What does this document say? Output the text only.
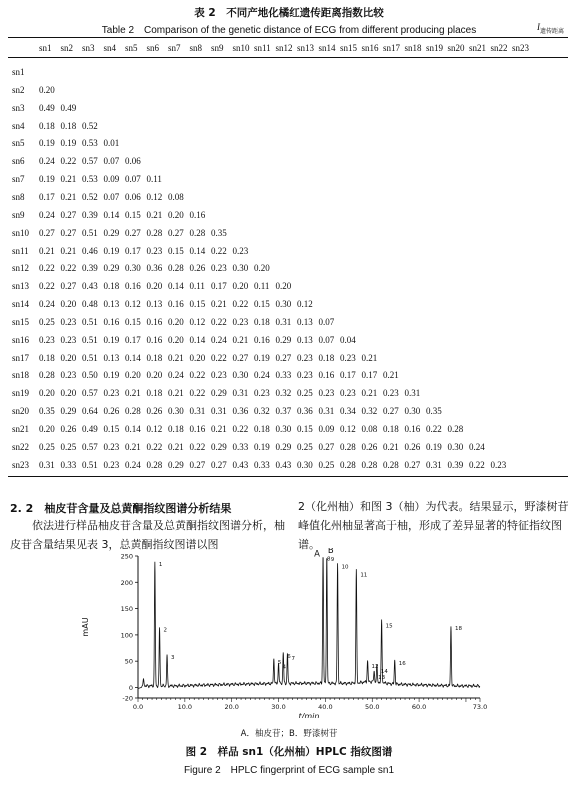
表 2　不同产地化橘红遗传距离指数比较
Table 2　Comparison of the genetic distance of ECG from different producing places	$I_{遗传距离}$
sn1 sn2 sn3 sn4 sn5 sn6 sn7 sn8 sn9 sn10 sn11 sn12 sn13 sn14 sn15 sn16 sn17 sn18 sn19 sn20 sn21 sn22 sn23
sn1
sn2 0.20
sn3 0.49 0.49
sn4 0.18 0.18 0.52
sn5 0.19 0.19 0.53 0.01
sn6 0.24 0.22 0.57 0.07 0.06
sn7 0.19 0.21 0.53 0.09 0.07 0.11
sn8 0.17 0.21 0.52 0.07 0.06 0.12 0.08
sn9 0.24 0.27 0.39 0.14 0.15 0.21 0.20 0.16
sn10 0.27 0.27 0.51 0.29 0.27 0.28 0.27 0.28 0.35
sn11 0.21 0.21 0.46 0.19 0.17 0.23 0.15 0.14 0.22 0.23
sn12 0.22 0.22 0.39 0.29 0.30 0.36 0.28 0.26 0.23 0.30 0.20
sn13 0.22 0.27 0.43 0.18 0.16 0.20 0.14 0.11 0.17 0.20 0.11 0.20
sn14 0.24 0.20 0.48 0.13 0.12 0.13 0.16 0.15 0.21 0.22 0.15 0.30 0.12
sn15 0.25 0.23 0.51 0.16 0.15 0.16 0.20 0.12 0.22 0.23 0.18 0.31 0.13 0.07
sn16 0.23 0.23 0.51 0.19 0.17 0.16 0.20 0.14 0.24 0.21 0.16 0.29 0.13 0.07 0.04
sn17 0.18 0.20 0.51 0.13 0.14 0.18 0.21 0.20 0.22 0.27 0.19 0.27 0.23 0.18 0.23 0.21
sn18 0.28 0.23 0.50 0.19 0.20 0.20 0.24 0.22 0.23 0.30 0.24 0.33 0.23 0.16 0.17 0.17 0.21
sn19 0.20 0.20 0.57 0.23 0.21 0.18 0.21 0.22 0.29 0.31 0.23 0.32 0.25 0.23 0.23 0.21 0.23 0.31
sn20 0.35 0.29 0.64 0.26 0.28 0.26 0.30 0.31 0.31 0.36 0.32 0.37 0.36 0.31 0.34 0.32 0.27 0.30 0.35
sn21 0.20 0.26 0.49 0.15 0.14 0.12 0.18 0.16 0.21 0.22 0.18 0.30 0.15 0.09 0.12 0.08 0.18 0.16 0.22 0.28
sn22 0.25 0.25 0.57 0.23 0.21 0.22 0.21 0.22 0.29 0.33 0.19 0.29 0.25 0.27 0.28 0.26 0.21 0.26 0.19 0.30 0.24
sn23 0.31 0.33 0.51 0.23 0.24 0.28 0.29 0.27 0.27 0.43 0.33 0.43 0.30 0.25 0.28 0.28 0.28 0.27 0.31 0.39 0.22 0.23
2. 2　柚皮苷含量及总黄酮指纹图谱分析结果
依法进行样品柚皮苷含量及总黄酮指纹图谱分析，柚皮苷含量结果见表 3，总黄酮指纹图谱以图
2（化州柚）和图 3（柚）为代表。结果显示，野漆树苷峰值化州柚显著高于柚，形成了差异显著的特征指纹图谱。
250
200
150
100
50
0
-20
mAU
0.0	10.0	20.0	30.0	40.0	50.0	60.0	73.0
t/min
1
2
3
5
4
6 7
8 9
10
11
12
13
14
15
16
18
A B
A．柚皮苷；B．野漆树苷
图 2　样品 sn1（化州柚）HPLC 指纹图谱
Figure 2　HPLC fingerprint of ECG sample sn1
